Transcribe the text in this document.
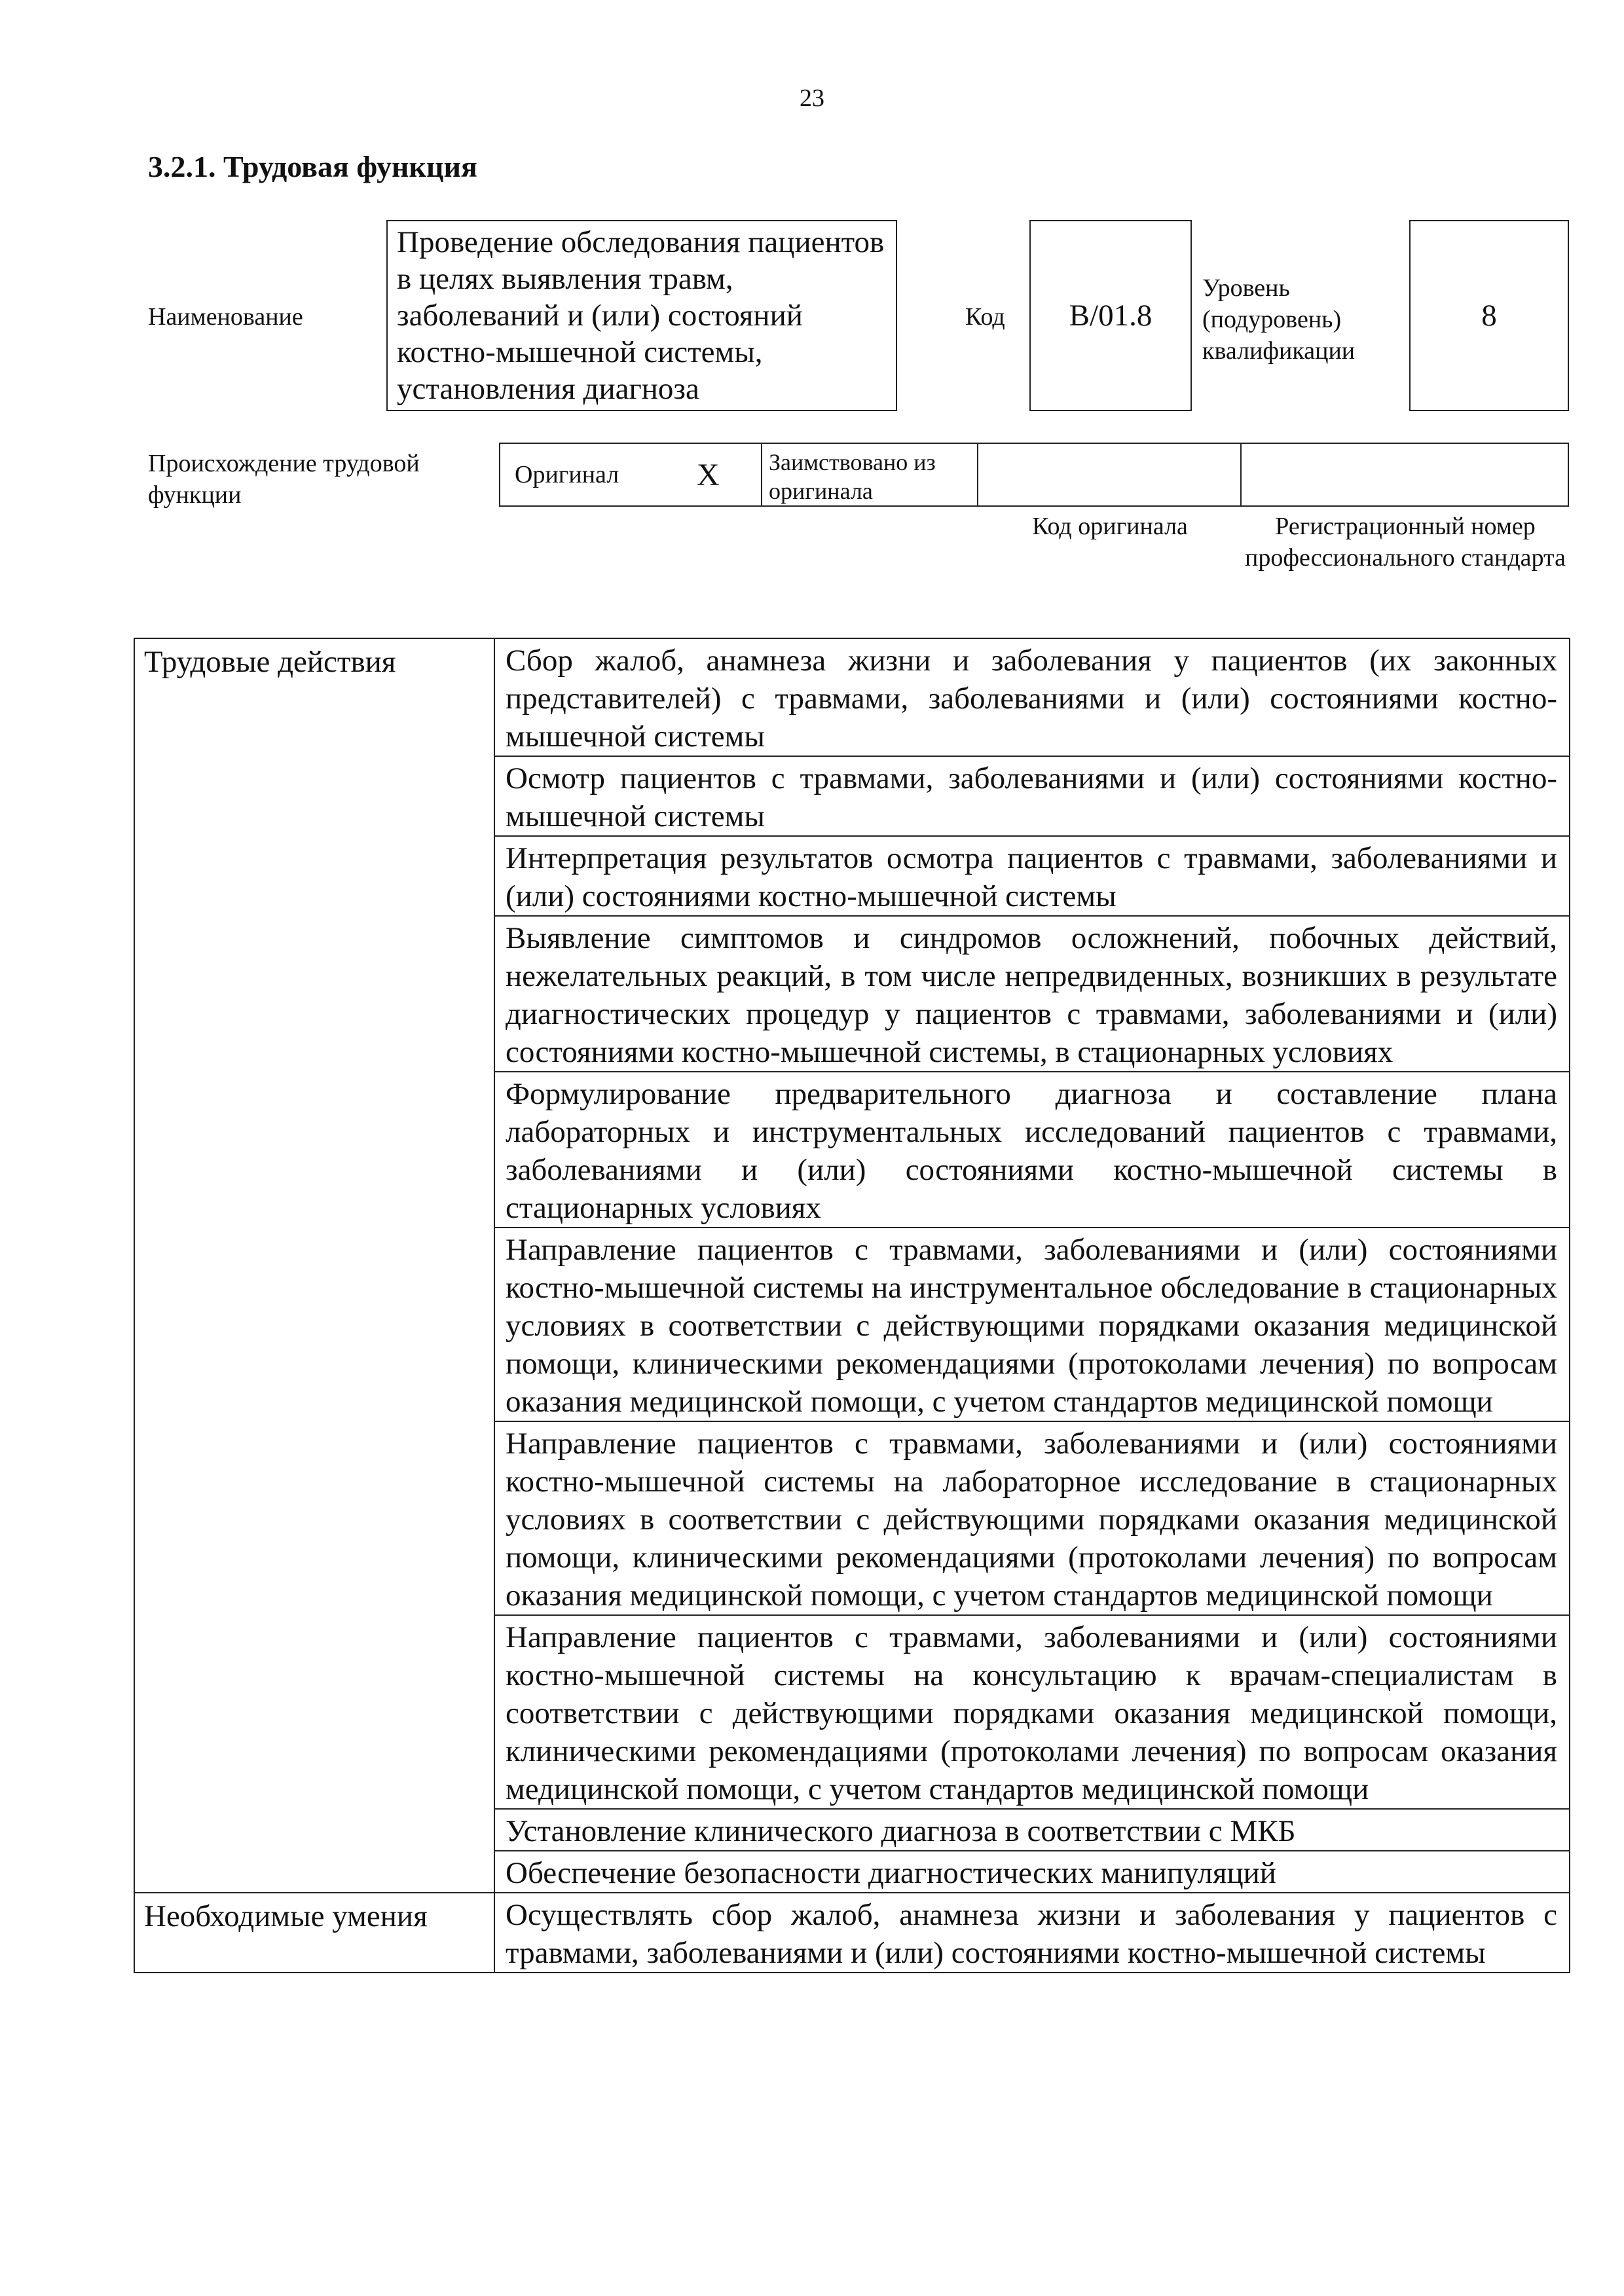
23
3.2.1. Трудовая функция
Наименование
Проведение обследования пациентов в целях выявления травм, заболеваний и (или) состояний костно-мышечной системы, установления диагноза
Код	B/01.8
Уровень (подуровень) квалификации
8
Происхождение трудовой функции
Оригинал X Заимствовано из оригинала
Код оригинала	Регистрационный номер профессионального стандарта
Трудовые действия	Сбор жалоб, анамнеза жизни и заболевания у пациентов (их законных представителей) с травмами, заболеваниями и (или) состояниями костно-мышечной системы
	Осмотр пациентов с травмами, заболеваниями и (или) состояниями костно-мышечной системы
	Интерпретация результатов осмотра пациентов с травмами, заболеваниями и (или) состояниями костно-мышечной системы
	Выявление симптомов и синдромов осложнений, побочных действий, нежелательных реакций, в том числе непредвиденных, возникших в результате диагностических процедур у пациентов с травмами, заболеваниями и (или) состояниями костно-мышечной системы, в стационарных условиях
	Формулирование предварительного диагноза и составление плана лабораторных и инструментальных исследований пациентов с травмами, заболеваниями и (или) состояниями костно-мышечной системы в стационарных условиях
	Направление пациентов с травмами, заболеваниями и (или) состояниями костно-мышечной системы на инструментальное обследование в стационарных условиях в соответствии с действующими порядками оказания медицинской помощи, клиническими рекомендациями (протоколами лечения) по вопросам оказания медицинской помощи, с учетом стандартов медицинской помощи
	Направление пациентов с травмами, заболеваниями и (или) состояниями костно-мышечной системы на лабораторное исследование в стационарных условиях в соответствии с действующими порядками оказания медицинской помощи, клиническими рекомендациями (протоколами лечения) по вопросам оказания медицинской помощи, с учетом стандартов медицинской помощи
	Направление пациентов с травмами, заболеваниями и (или) состояниями костно-мышечной системы на консультацию к врачам-специалистам в соответствии с действующими порядками оказания медицинской помощи, клиническими рекомендациями (протоколами лечения) по вопросам оказания медицинской помощи, с учетом стандартов медицинской помощи
	Установление клинического диагноза в соответствии с МКБ
	Обеспечение безопасности диагностических манипуляций
Необходимые умения	Осуществлять сбор жалоб, анамнеза жизни и заболевания у пациентов с травмами, заболеваниями и (или) состояниями костно-мышечной системы
